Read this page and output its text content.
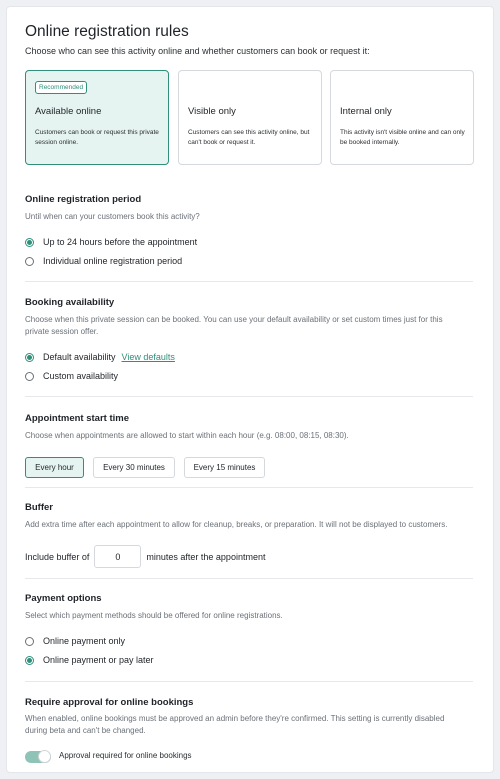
Online registration rules
Choose who can see this activity online and whether customers can book or request it:
Recommended
Available online
Customers can book or request this private session online.
Visible only
Customers can see this activity online, but can't book or request it.
Internal only
This activity isn't visible online and can only be booked internally.
Online registration period
Until when can your customers book this activity?
Up to 24 hours before the appointment
Individual online registration period
Booking availability
Choose when this private session can be booked. You can use your default availability or set custom times just for this private session offer.
Default availability View defaults
Custom availability
Appointment start time
Choose when appointments are allowed to start within each hour (e.g. 08:00, 08:15, 08:30).
Every hour	Every 30 minutes	Every 15 minutes
Buffer
Add extra time after each appointment to allow for cleanup, breaks, or preparation. It will not be displayed to customers.
Include buffer of	0	minutes after the appointment
Payment options
Select which payment methods should be offered for online registrations.
Online payment only
Online payment or pay later
Require approval for online bookings
When enabled, online bookings must be approved an admin before they're confirmed. This setting is currently disabled during beta and can't be changed.
Approval required for online bookings
